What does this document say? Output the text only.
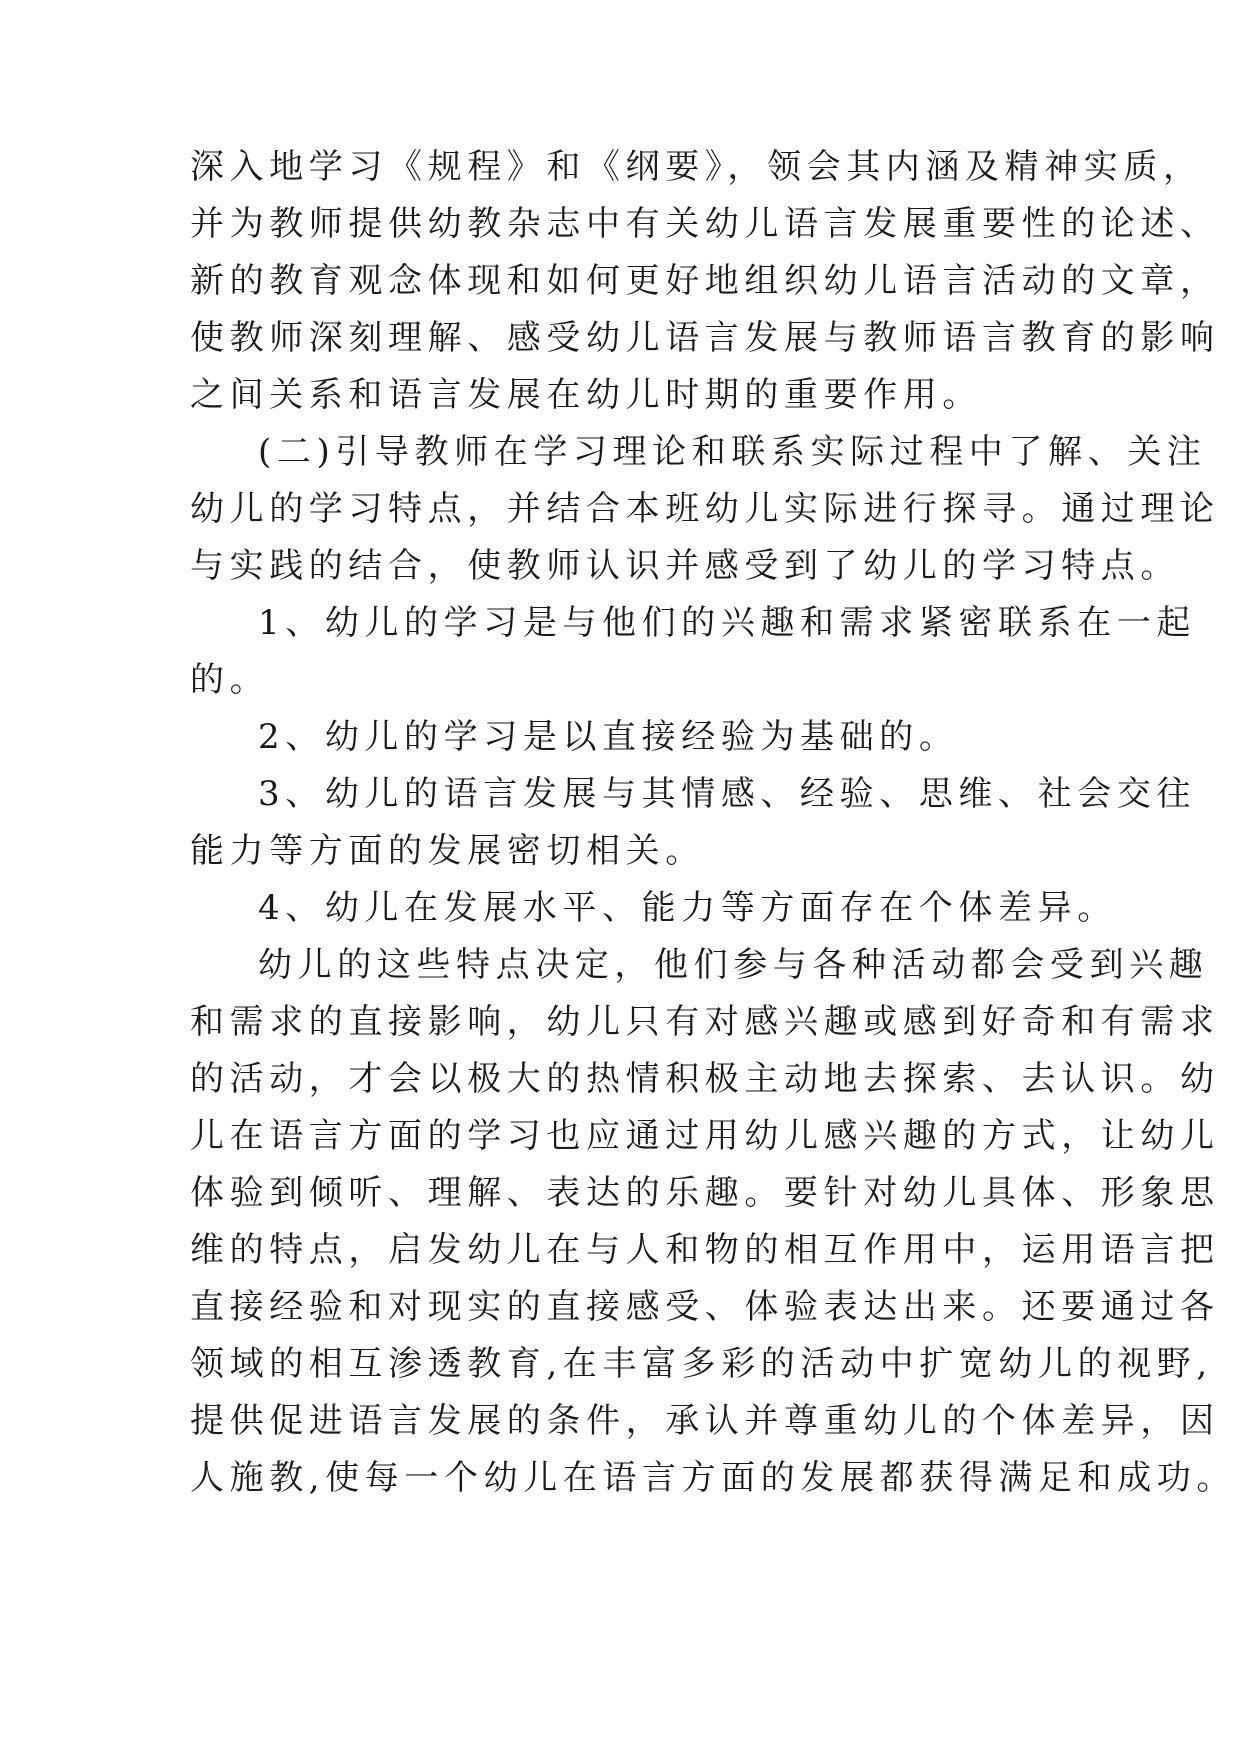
深入地学习《规程》和《纲要》，领会其内涵及精神实质，
并为教师提供幼教杂志中有关幼儿语言发展重要性的论述、
新的教育观念体现和如何更好地组织幼儿语言活动的文章，
使教师深刻理解、感受幼儿语言发展与教师语言教育的影响
之间关系和语言发展在幼儿时期的重要作用。
(二)引导教师在学习理论和联系实际过程中了解、关注
幼儿的学习特点，并结合本班幼儿实际进行探寻。通过理论
与实践的结合，使教师认识并感受到了幼儿的学习特点。
1、幼儿的学习是与他们的兴趣和需求紧密联系在一起
的。
2、幼儿的学习是以直接经验为基础的。
3、幼儿的语言发展与其情感、经验、思维、社会交往
能力等方面的发展密切相关。
4、幼儿在发展水平、能力等方面存在个体差异。
幼儿的这些特点决定，他们参与各种活动都会受到兴趣
和需求的直接影响，幼儿只有对感兴趣或感到好奇和有需求
的活动，才会以极大的热情积极主动地去探索、去认识。幼
儿在语言方面的学习也应通过用幼儿感兴趣的方式，让幼儿
体验到倾听、理解、表达的乐趣。要针对幼儿具体、形象思
维的特点，启发幼儿在与人和物的相互作用中，运用语言把
直接经验和对现实的直接感受、体验表达出来。还要通过各
领域的相互渗透教育,在丰富多彩的活动中扩宽幼儿的视野,
提供促进语言发展的条件，承认并尊重幼儿的个体差异，因
人施教,使每一个幼儿在语言方面的发展都获得满足和成功。
